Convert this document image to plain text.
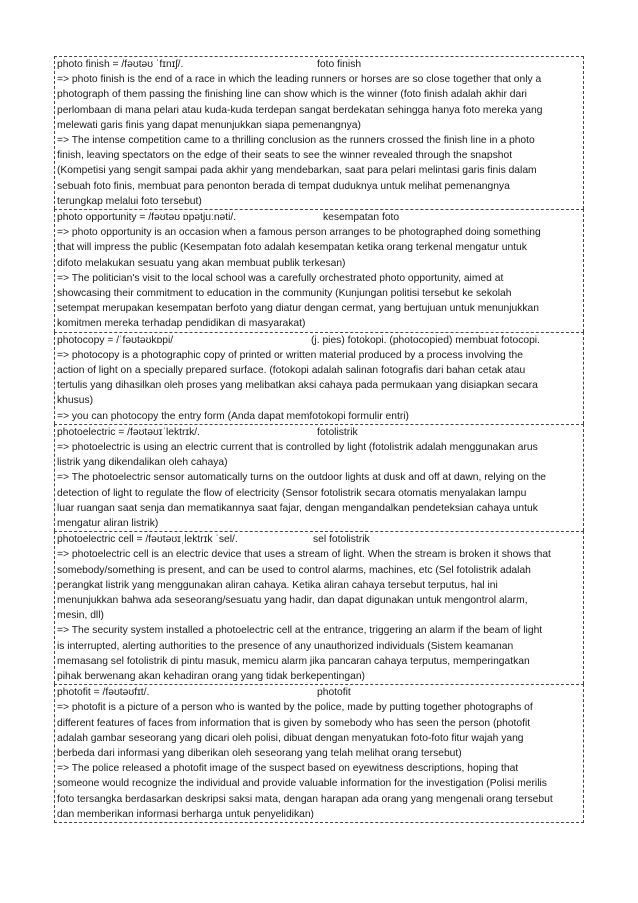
photo finish = /fəʊtəʊ ˈfɪnɪʃ/.	foto finish
=> photo finish is the end of a race in which the leading runners or horses are so close together that only a
photograph of them passing the finishing line can show which is the winner (foto finish adalah akhir dari
perlombaan di mana pelari atau kuda-kuda terdepan sangat berdekatan sehingga hanya foto mereka yang
melewati garis finis yang dapat menunjukkan siapa pemenangnya)
=> The intense competition came to a thrilling conclusion as the runners crossed the finish line in a photo
finish, leaving spectators on the edge of their seats to see the winner revealed through the snapshot
(Kompetisi yang sengit sampai pada akhir yang mendebarkan, saat para pelari melintasi garis finis dalam
sebuah foto finis, membuat para penonton berada di tempat duduknya untuk melihat pemenangnya
terungkap melalui foto tersebut)
photo opportunity = /fəʊtəʊ ɒpətjuːnəti/.	kesempatan foto
=> photo opportunity is an occasion when a famous person arranges to be photographed doing something
that will impress the public (Kesempatan foto adalah kesempatan ketika orang terkenal mengatur untuk
difoto melakukan sesuatu yang akan membuat publik terkesan)
=> The politician's visit to the local school was a carefully orchestrated photo opportunity, aimed at
showcasing their commitment to education in the community (Kunjungan politisi tersebut ke sekolah
setempat merupakan kesempatan berfoto yang diatur dengan cermat, yang bertujuan untuk menunjukkan
komitmen mereka terhadap pendidikan di masyarakat)
photocopy = /ˈfəʊtəʊkɒpi/	(j. pies) fotokopi. (photocopied) membuat fotocopi.
=> photocopy is a photographic copy of printed or written material produced by a process involving the
action of light on a specially prepared surface. (fotokopi adalah salinan fotografis dari bahan cetak atau
tertulis yang dihasilkan oleh proses yang melibatkan aksi cahaya pada permukaan yang disiapkan secara
khusus)
=> you can photocopy the entry form (Anda dapat memfotokopi formulir entri)
photoelectric = /fəʊtəʊɪˈlektrɪk/.	fotolistrik
=> photoelectric is using an electric current that is controlled by light (fotolistrik adalah menggunakan arus
listrik yang dikendalikan oleh cahaya)
=> The photoelectric sensor automatically turns on the outdoor lights at dusk and off at dawn, relying on the
detection of light to regulate the flow of electricity (Sensor fotolistrik secara otomatis menyalakan lampu
luar ruangan saat senja dan mematikannya saat fajar, dengan mengandalkan pendeteksian cahaya untuk
mengatur aliran listrik)
photoelectric cell = /fəʊtəʊɪˌlektrɪk ˈsel/.	sel fotolistrik
=> photoelectric cell is an electric device that uses a stream of light. When the stream is broken it shows that
somebody/something is present, and can be used to control alarms, machines, etc (Sel fotolistrik adalah
perangkat listrik yang menggunakan aliran cahaya. Ketika aliran cahaya tersebut terputus, hal ini
menunjukkan bahwa ada seseorang/sesuatu yang hadir, dan dapat digunakan untuk mengontrol alarm,
mesin, dll)
=> The security system installed a photoelectric cell at the entrance, triggering an alarm if the beam of light
is interrupted, alerting authorities to the presence of any unauthorized individuals (Sistem keamanan
memasang sel fotolistrik di pintu masuk, memicu alarm jika pancaran cahaya terputus, memperingatkan
pihak berwenang akan kehadiran orang yang tidak berkepentingan)
photofit = /fəʊtəʊfɪt/.	photofit
=> photofit is a picture of a person who is wanted by the police, made by putting together photographs of
different features of faces from information that is given by somebody who has seen the person (photofit
adalah gambar seseorang yang dicari oleh polisi, dibuat dengan menyatukan foto-foto fitur wajah yang
berbeda dari informasi yang diberikan oleh seseorang yang telah melihat orang tersebut)
=> The police released a photofit image of the suspect based on eyewitness descriptions, hoping that
someone would recognize the individual and provide valuable information for the investigation (Polisi merilis
foto tersangka berdasarkan deskripsi saksi mata, dengan harapan ada orang yang mengenali orang tersebut
dan memberikan informasi berharga untuk penyelidikan)
